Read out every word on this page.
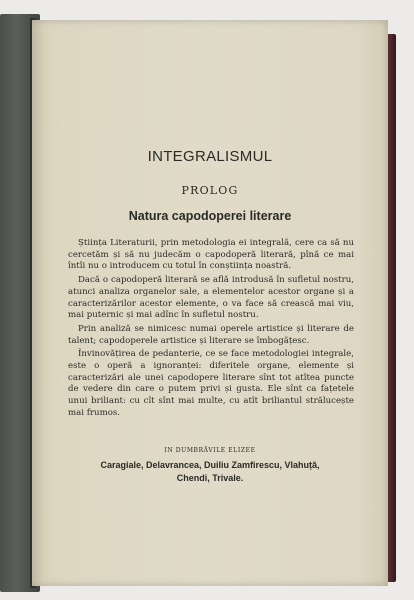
INTEGRALISMUL
PROLOG
Natura capodoperei literare

Știința Literaturii, prin metodologia ei integrală, cere ca să nu cercetăm și să nu judecăm o capodoperă literară, pînă ce mai întîi nu o introducem cu totul în conștiința noastră.

Dacă o capodoperă literară se află introdusă în sufletul nostru, atunci analiza organelor sale, a elementelor acestor organe și a caracterizărilor acestor elemente, o va face să crească mai viu, mai puternic și mai adînc în sufletul nostru.

Prin analiză se nimicesc numai operele artistice și literare de talent; capodoperele artistice și literare se îmbogățesc.

Învinovățirea de pedanterie, ce se face metodologiei integrale, este o operă a ignoranței: diferitele organe, elemente și caracterizări ale unei capodopere literare sînt tot atîtea puncte de vedere din care o putem privi și gusta. Ele sînt ca fațetele unui briliant: cu cît sînt mai multe, cu atît briliantul strălucește mai frumos.

IN DUMBRĂVILE ELIZEE
Caragiale, Delavrancea, Duiliu Zamfirescu, Vlahuță,
Chendi, Trivale.
